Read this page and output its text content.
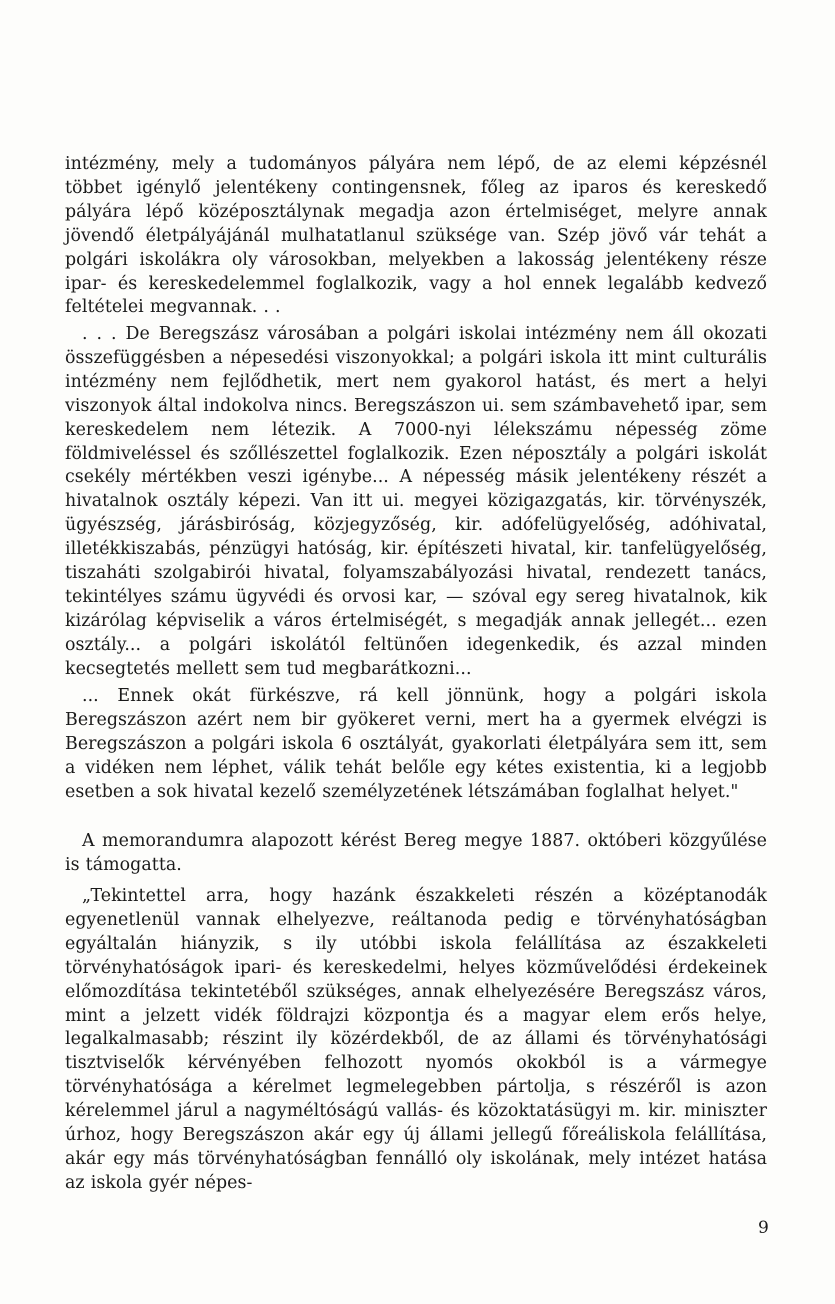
intézmény, mely a tudományos pályára nem lépő, de az elemi képzésnél többet igénylő jelentékeny contingensnek, főleg az iparos és kereskedő pályára lépő középosztálynak megadja azon értelmiséget, melyre annak jövendő életpályájánál mulhatatlanul szüksége van. Szép jövő vár tehát a polgári iskolákra oly városokban, melyekben a lakosság jelentékeny része ipar- és kereskedelemmel foglalkozik, vagy a hol ennek legalább kedvező feltételei megvannak. . .

. . . De Beregszász városában a polgári iskolai intézmény nem áll okozati összefüggésben a népesedési viszonyokkal; a polgári iskola itt mint culturális intézmény nem fejlődhetik, mert nem gyakorol hatást, és mert a helyi viszonyok által indokolva nincs. Beregszászon ui. sem számbavehető ipar, sem kereskedelem nem létezik. A 7000-nyi lélekszámu népesség zöme földmiveléssel és szőllészettel foglalkozik. Ezen néposztály a polgári iskolát csekély mértékben veszi igénybe... A népesség másik jelentékeny részét a hivatalnok osztály képezi. Van itt ui. megyei közigazgatás, kir. törvényszék, ügyészség, járásbiróság, közjegyzőség, kir. adófelügyelőség, adóhivatal, illetékkiszabás, pénzügyi hatóság, kir. építészeti hivatal, kir. tanfelügyelőség, tiszaháti szolgabirói hivatal, folyamszabályozási hivatal, rendezett tanács, tekintélyes számu ügyvédi és orvosi kar, — szóval egy sereg hivatalnok, kik kizárólag képviselik a város értelmiségét, s megadják annak jellegét... ezen osztály... a polgári iskolától feltünően idegenkedik, és azzal minden kecsegtetés mellett sem tud megbarátkozni...

... Ennek okát fürkészve, rá kell jönnünk, hogy a polgári iskola Beregszászon azért nem bir gyökeret verni, mert ha a gyermek elvégzi is Beregszászon a polgári iskola 6 osztályát, gyakorlati életpályára sem itt, sem a vidéken nem léphet, válik tehát belőle egy kétes existentia, ki a legjobb esetben a sok hivatal kezelő személyzetének létszámában foglalhat helyet."

A memorandumra alapozott kérést Bereg megye 1887. októberi közgyűlése is támogatta.

„Tekintettel arra, hogy hazánk északkeleti részén a középtanodák egyenetlenül vannak elhelyezve, reáltanoda pedig e törvényhatóságban egyáltalán hiányzik, s ily utóbbi iskola felállítása az északkeleti törvényhatóságok ipari- és kereskedelmi, helyes közművelődési érdekeinek előmozdítása tekintetéből szükséges, annak elhelyezésére Beregszász város, mint a jelzett vidék földrajzi központja és a magyar elem erős helye, legalkalmasabb; részint ily közérdekből, de az állami és törvényhatósági tisztviselők kérvényében felhozott nyomós okokból is a vármegye törvényhatósága a kérelmet legmelegebben pártolja, s részéről is azon kérelemmel járul a nagyméltóságú vallás- és közoktatásügyi m. kir. miniszter úrhoz, hogy Beregszászon akár egy új állami jellegű főreáliskola felállítása, akár egy más törvényhatóságban fennálló oly iskolának, mely intézet hatása az iskola gyér népes-

9
